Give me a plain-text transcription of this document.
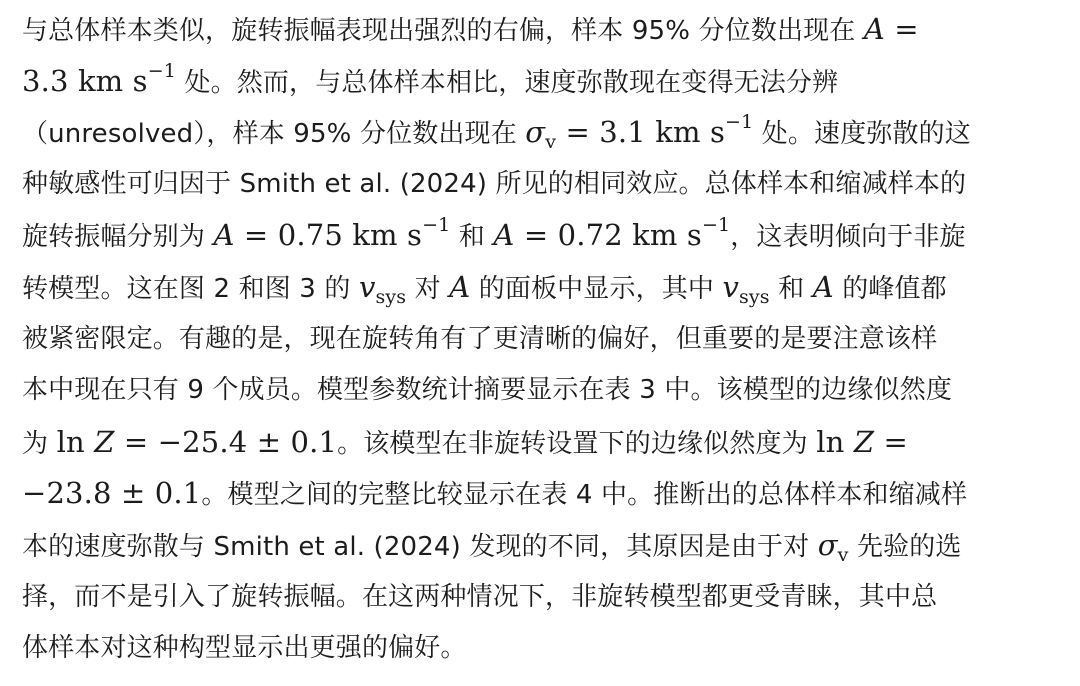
与总体样本类似，旋转振幅表现出强烈的右偏，样本 95% 分位数出现在 A =
3.3 km $s^{-1}$ 处。然而，与总体样本相比，速度弥散现在变得无法分辨
（unresolved），样本 95% 分位数出现在 $\sigma_v = 3.1$ km $s^{-1}$ 处。速度弥散的这
种敏感性可归因于 Smith et al. (2024) 所见的相同效应。总体样本和缩减样本的
旋转振幅分别为 A = 0.75 km $s^{-1}$ 和 A = 0.72 km $s^{-1}$，这表明倾向于非旋
转模型。这在图 2 和图 3 的 $v_{sys}$ 对 A 的面板中显示，其中 $v_{sys}$ 和 A 的峰值都
被紧密限定。有趣的是，现在旋转角有了更清晰的偏好，但重要的是要注意该样
本中现在只有 9 个成员。模型参数统计摘要显示在表 3 中。该模型的边缘似然度
为 ln Z = −25.4 ± 0.1。该模型在非旋转设置下的边缘似然度为 ln Z =
−23.8 ± 0.1。模型之间的完整比较显示在表 4 中。推断出的总体样本和缩减样
本的速度弥散与 Smith et al. (2024) 发现的不同，其原因是由于对 $\sigma_v$ 先验的选
择，而不是引入了旋转振幅。在这两种情况下，非旋转模型都更受青睐，其中总
体样本对这种构型显示出更强的偏好。
